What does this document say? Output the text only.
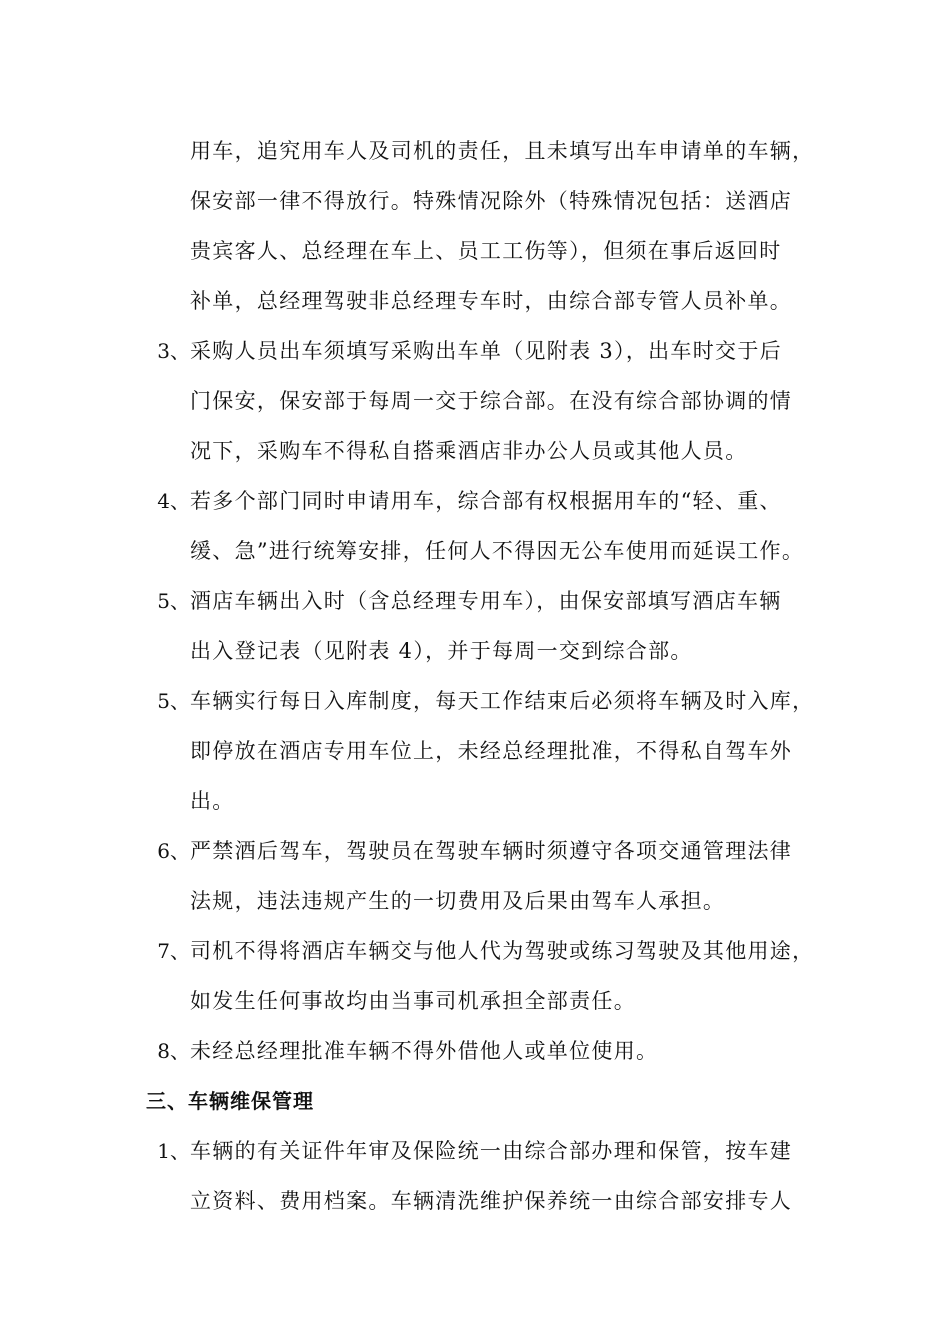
用车，追究用车人及司机的责任，且未填写出车申请单的车辆，
保安部一律不得放行。特殊情况除外（特殊情况包括：送酒店
贵宾客人、总经理在车上、员工工伤等），但须在事后返回时
补单，总经理驾驶非总经理专车时，由综合部专管人员补单。
3、 采购人员出车须填写采购出车单（见附表 3），出车时交于后
门保安，保安部于每周一交于综合部。在没有综合部协调的情
况下，采购车不得私自搭乘酒店非办公人员或其他人员。
4、 若多个部门同时申请用车，综合部有权根据用车的“轻、重、
缓、急”进行统筹安排，任何人不得因无公车使用而延误工作。
5、 酒店车辆出入时（含总经理专用车），由保安部填写酒店车辆
出入登记表（见附表 4），并于每周一交到综合部。
5、 车辆实行每日入库制度，每天工作结束后必须将车辆及时入库，
即停放在酒店专用车位上，未经总经理批准，不得私自驾车外
出。
6、 严禁酒后驾车，驾驶员在驾驶车辆时须遵守各项交通管理法律
法规，违法违规产生的一切费用及后果由驾车人承担。
7、 司机不得将酒店车辆交与他人代为驾驶或练习驾驶及其他用途，
如发生任何事故均由当事司机承担全部责任。
8、 未经总经理批准车辆不得外借他人或单位使用。
三、车辆维保管理
1、 车辆的有关证件年审及保险统一由综合部办理和保管，按车建
立资料、费用档案。车辆清洗维护保养统一由综合部安排专人
